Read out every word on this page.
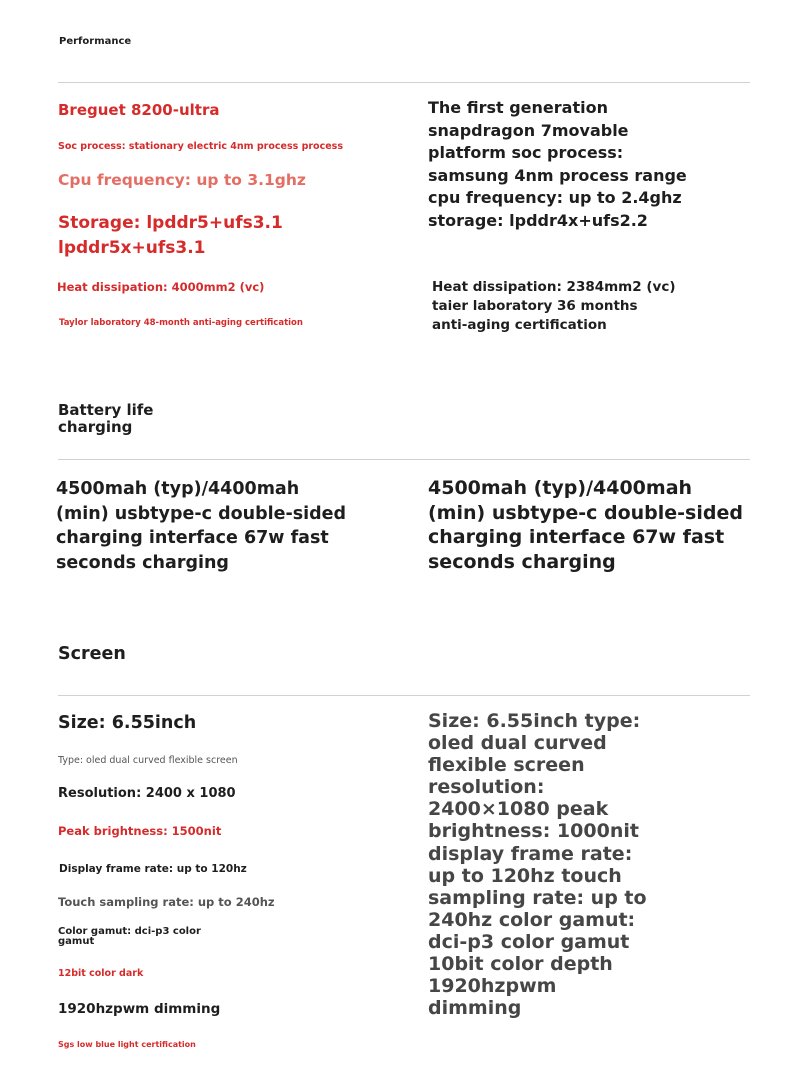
Performance
Breguet 8200-ultra
Soc process: stationary electric 4nm process process
Cpu frequency: up to 3.1ghz

Storage: lpddr5+ufs3.1

lpddr5x+ufs3.1

Heat dissipation: 4000mm2 (vc)
Taylor laboratory 48-month anti-aging certification

The first generation

snapdragon 7movable

platform soc process:

samsung 4nm process range

cpu frequency: up to 2.4ghz

storage: lpddr4x+ufs2.2

Heat dissipation: 2384mm2 (vc)

taier laboratory 36 months

anti-aging certification

Battery life

charging

4500mah (typ)/4400mah

(min) usbtype-c double-sided

charging interface 67w fast

seconds charging

4500mah (typ)/4400mah

(min) usbtype-c double-sided

charging interface 67w fast

seconds charging

Screen
Size: 6.55inch
Type: oled dual curved flexible screen
Resolution: 2400 x 1080
Peak brightness: 1500nit
Display frame rate: up to 120hz
Touch sampling rate: up to 240hz

Color gamut: dci-p3 color

gamut

12bit color dark
1920hzpwm dimming
Sgs low blue light certification

Size: 6.55inch type:

oled dual curved

flexible screen

resolution:

2400×1080 peak

brightness: 1000nit

display frame rate:

up to 120hz touch

sampling rate: up to

240hz color gamut:

dci-p3 color gamut

10bit color depth

1920hzpwm

dimming
